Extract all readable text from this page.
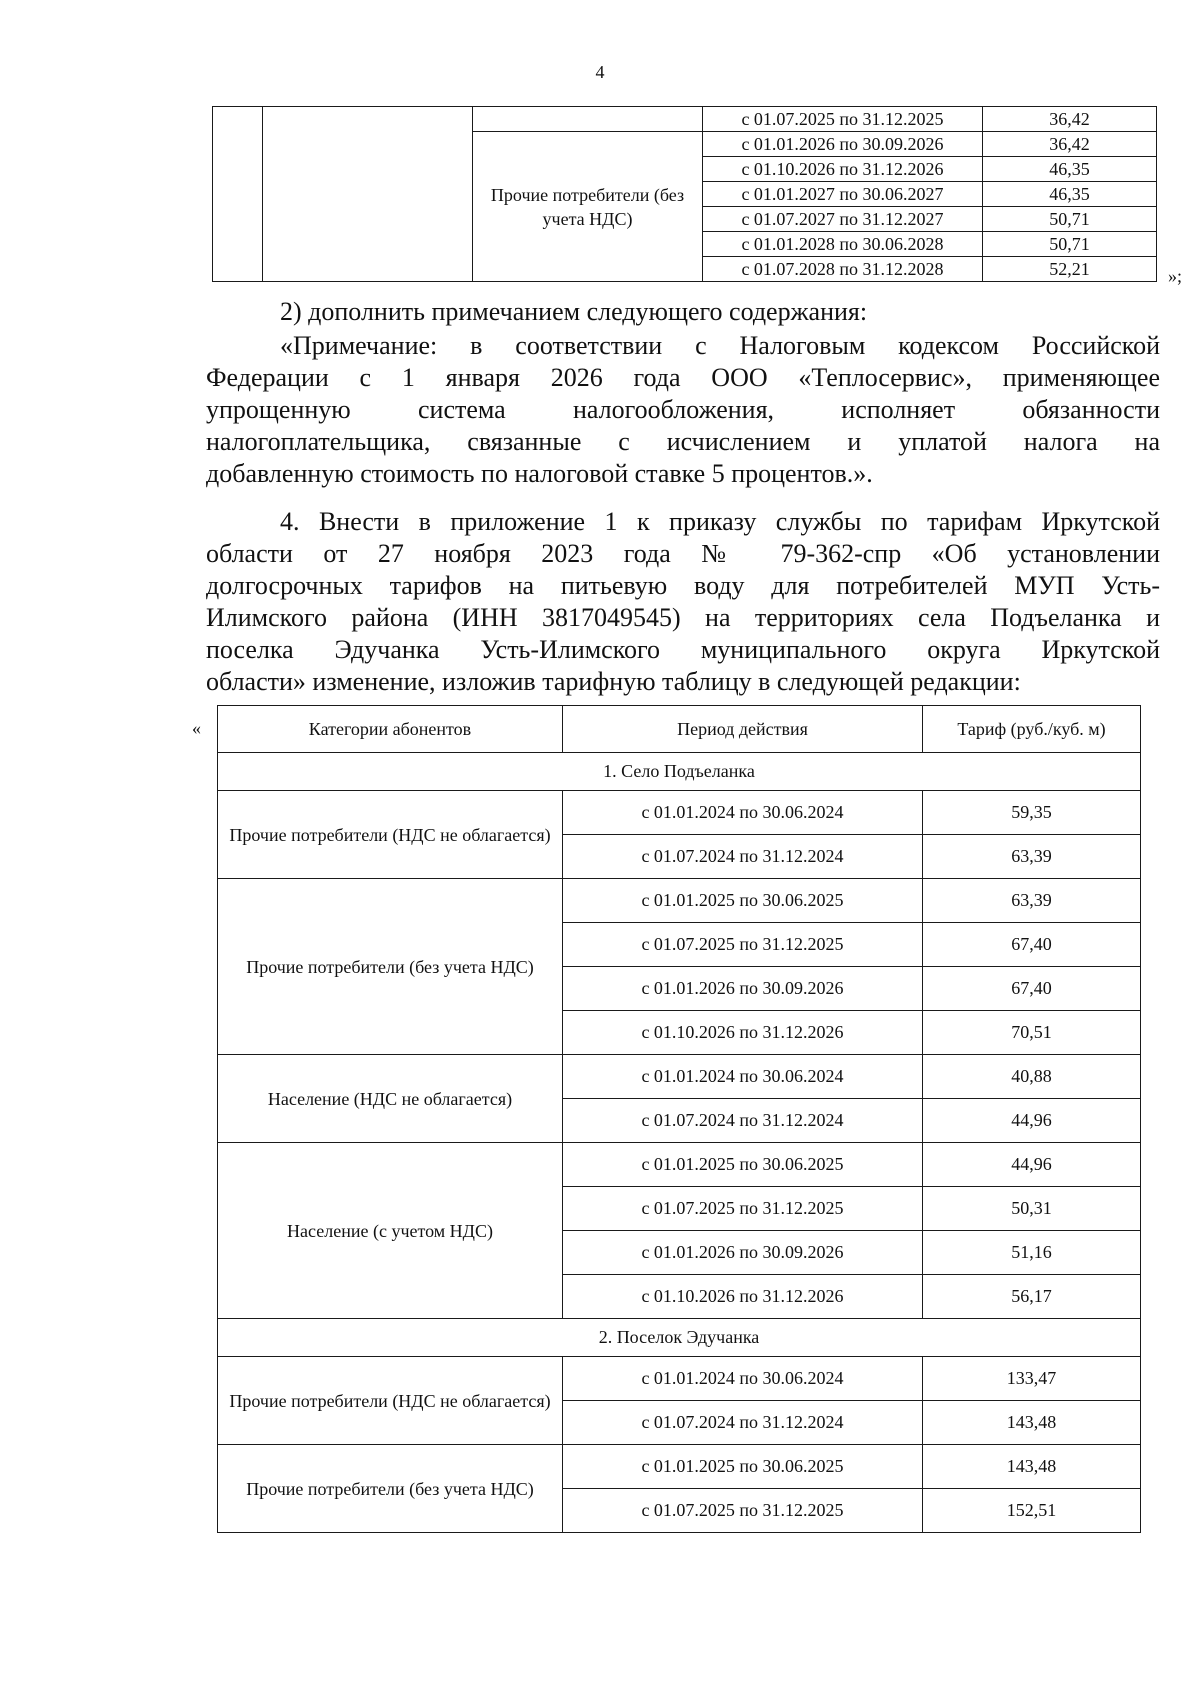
4
			с 01.07.2025 по 31.12.2025	36,42
		Прочие потребители (без учета НДС)	с 01.01.2026 по 30.09.2026	36,42
			с 01.10.2026 по 31.12.2026	46,35
			с 01.01.2027 по 30.06.2027	46,35
			с 01.07.2027 по 31.12.2027	50,71
			с 01.01.2028 по 30.06.2028	50,71
			с 01.07.2028 по 31.12.2028	52,21	»;
2) дополнить примечанием следующего содержания:
«Примечание: в соответствии с Налоговым кодексом Российской
Федерации с 1 января 2026 года ООО «Теплосервис», применяющее
упрощенную система налогообложения, исполняет обязанности
налогоплательщика, связанные с исчислением и уплатой налога на
добавленную стоимость по налоговой ставке 5 процентов.».
4. Внести в приложение 1 к приказу службы по тарифам Иркутской
области от 27 ноября 2023 года № 79-362-спр «Об установлении
долгосрочных тарифов на питьевую воду для потребителей МУП Усть-
Илимского района (ИНН 3817049545) на территориях села Подъеланка и
поселка Эдучанка Усть-Илимского муниципального округа Иркутской
области» изменение, изложив тарифную таблицу в следующей редакции:
«	Категории абонентов	Период действия	Тариф (руб./куб. м)
1. Село Подъеланка		
Прочие потребители (НДС не облагается)	с 01.01.2024 по 30.06.2024	59,35
	с 01.07.2024 по 31.12.2024	63,39
Прочие потребители (без учета НДС)	с 01.01.2025 по 30.06.2025	63,39
	с 01.07.2025 по 31.12.2025	67,40
	с 01.01.2026 по 30.09.2026	67,40
	с 01.10.2026 по 31.12.2026	70,51
Население (НДС не облагается)	с 01.01.2024 по 30.06.2024	40,88
	с 01.07.2024 по 31.12.2024	44,96
Население (с учетом НДС)	с 01.01.2025 по 30.06.2025	44,96
	с 01.07.2025 по 31.12.2025	50,31
	с 01.01.2026 по 30.09.2026	51,16
	с 01.10.2026 по 31.12.2026	56,17
2. Поселок Эдучанка		
Прочие потребители (НДС не облагается)	с 01.01.2024 по 30.06.2024	133,47
	с 01.07.2024 по 31.12.2024	143,48
Прочие потребители (без учета НДС)	с 01.01.2025 по 30.06.2025	143,48
	с 01.07.2025 по 31.12.2025	152,51
